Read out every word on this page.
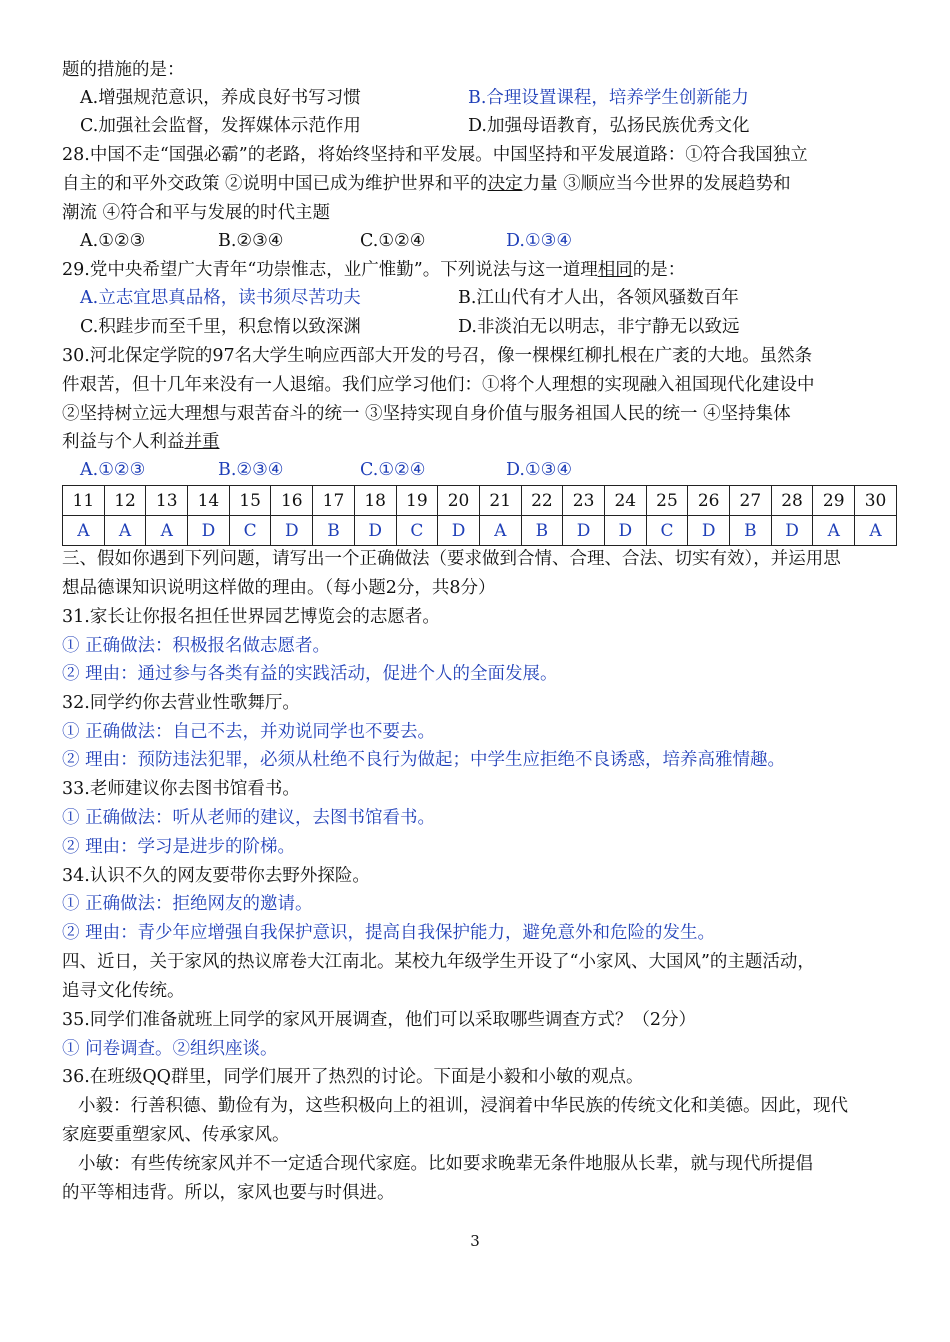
题的措施的是：
A.增强规范意识，养成良好书写习惯	B.合理设置课程，培养学生创新能力
C.加强社会监督，发挥媒体示范作用	D.加强母语教育，弘扬民族优秀文化
28.中国不走“国强必霸”的老路，将始终坚持和平发展。中国坚持和平发展道路：①符合我国独立
自主的和平外交政策 ②说明中国已成为维护世界和平的决定力量 ③顺应当今世界的发展趋势和
潮流 ④符合和平与发展的时代主题
A.①②③	B.②③④	C.①②④	D.①③④
29.党中央希望广大青年“功崇惟志，业广惟勤”。下列说法与这一道理相同的是：
A.立志宜思真品格，读书须尽苦功夫	B.江山代有才人出，各领风骚数百年
C.积跬步而至千里，积怠惰以致深渊	D.非淡泊无以明志，非宁静无以致远
30.河北保定学院的97名大学生响应西部大开发的号召，像一棵棵红柳扎根在广袤的大地。虽然条
件艰苦，但十几年来没有一人退缩。我们应学习他们：①将个人理想的实现融入祖国现代化建设中
②坚持树立远大理想与艰苦奋斗的统一 ③坚持实现自身价值与服务祖国人民的统一 ④坚持集体
利益与个人利益并重
A.①②③	B.②③④	C.①②④	D.①③④
11	12	13	14	15	16	17	18	19	20	21	22	23	24	25	26	27	28	29	30
A	A	A	D	C	D	B	D	C	D	A	B	D	D	C	D	B	D	A	A
三、假如你遇到下列问题，请写出一个正确做法（要求做到合情、合理、合法、切实有效），并运用思
想品德课知识说明这样做的理由。（每小题2分，共8分）
31.家长让你报名担任世界园艺博览会的志愿者。
① 正确做法：积极报名做志愿者。
② 理由：通过参与各类有益的实践活动，促进个人的全面发展。
32.同学约你去营业性歌舞厅。
① 正确做法：自己不去，并劝说同学也不要去。
② 理由：预防违法犯罪，必须从杜绝不良行为做起；中学生应拒绝不良诱惑，培养高雅情趣。
33.老师建议你去图书馆看书。
① 正确做法：听从老师的建议，去图书馆看书。
② 理由：学习是进步的阶梯。
34.认识不久的网友要带你去野外探险。
① 正确做法：拒绝网友的邀请。
② 理由：青少年应增强自我保护意识，提高自我保护能力，避免意外和危险的发生。
四、近日，关于家风的热议席卷大江南北。某校九年级学生开设了“小家风、大国风”的主题活动，
追寻文化传统。
35.同学们准备就班上同学的家风开展调查，他们可以采取哪些调查方式？（2分）
① 问卷调查。②组织座谈。
36.在班级QQ群里，同学们展开了热烈的讨论。下面是小毅和小敏的观点。
小毅：行善积德、勤俭有为，这些积极向上的祖训，浸润着中华民族的传统文化和美德。因此，现代
家庭要重塑家风、传承家风。
小敏：有些传统家风并不一定适合现代家庭。比如要求晚辈无条件地服从长辈，就与现代所提倡
的平等相违背。所以，家风也要与时俱进。
3
